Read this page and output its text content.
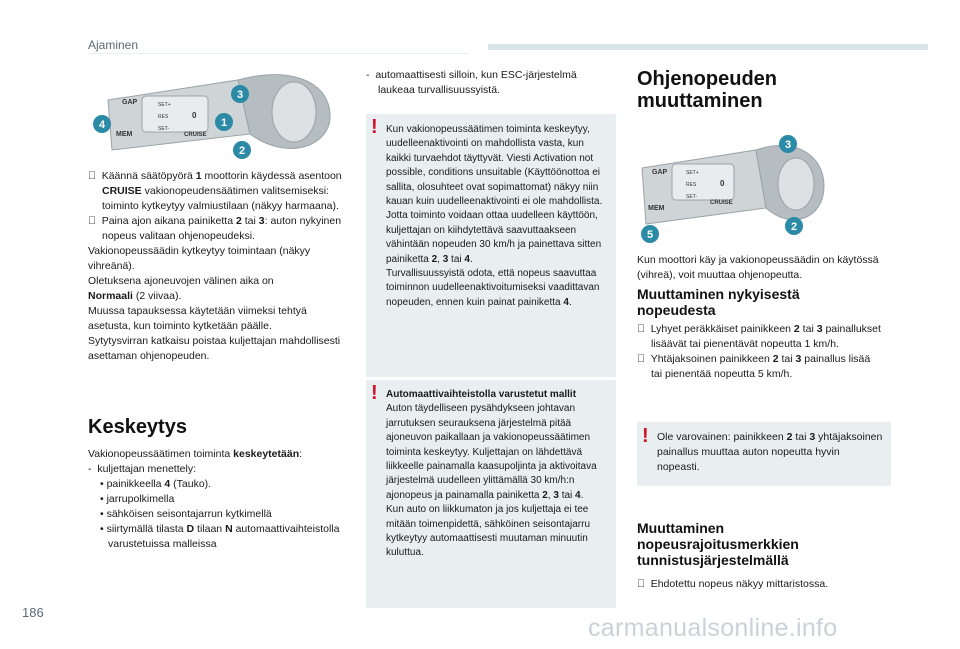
Ajaminen
GAP	SET+
RES
SET-
CRUISE
MEM
0
3
4	1
2

Käännä säätöpyörä 1 moottorin käydessä asentoon CRUISE vakionopeudensäätimen valitsemiseksi: toiminto kytkeytyy valmiustilaan (näkyy harmaana).

Paina ajon aikana painiketta 2 tai 3: auton nykyinen nopeus valitaan ohjenopeudeksi.

Vakionopeussäädin kytkeytyy toimintaan (näkyy vihreänä).

Oletuksena ajoneuvojen välinen aika on
Normaali (2 viivaa).

Muussa tapauksessa käytetään viimeksi tehtyä asetusta, kun toiminto kytketään päälle.

Sytytysvirran katkaisu poistaa kuljettajan mahdollisesti asettaman ohjenopeuden.

Keskeytys

Vakionopeussäätimen toiminta keskeytetään:

-  kuljettajan menettely:

• painikkeella 4 (Tauko).

• jarrupolkimella

• sähköisen seisontajarrun kytkimellä

• siirtymällä tilasta D tilaan N automaattivaihteistolla varustetuissa malleissa

-  automaattisesti silloin, kun ESC-järjestelmä laukeaa turvallisuussyistä.

! Kun vakionopeussäätimen toiminta keskeytyy, uudelleenaktivointi on mahdollista vasta, kun kaikki turvaehdot täyttyvät. Viesti Activation not possible, conditions unsuitable (Käyttöönottoa ei sallita, olosuhteet ovat sopimattomat) näkyy niin kauan kuin uudelleenaktivointi ei ole mahdollista.

Jotta toiminto voidaan ottaa uudelleen käyttöön, kuljettajan on kiihdytettävä saavuttaakseen vähintään nopeuden 30 km/h ja painettava sitten painiketta 2, 3 tai 4.

Turvallisuussyistä odota, että nopeus saavuttaa toiminnon uudelleenaktivoitumiseksi vaadittavan nopeuden, ennen kuin painat painiketta 4.

! Automaattivaihteistolla varustetut mallit

Auton täydelliseen pysähdykseen johtavan jarrutuksen seurauksena järjestelmä pitää ajoneuvon paikallaan ja vakionopeussäätimen toiminta keskeytyy. Kuljettajan on lähdettävä liikkeelle painamalla kaasupoljinta ja aktivoitava järjestelmä uudelleen ylittämällä 30 km/h:n ajonopeus ja painamalla painiketta 2, 3 tai 4.

Kun auto on liikkumaton ja jos kuljettaja ei tee mitään toimenpidettä, sähköinen seisontajarru kytkeytyy automaattisesti muutaman minuutin kuluttua.

Ohjenopeuden muuttaminen
GAP	SET+
RES
SET-
CRUISE
MEM
0
3
5
2

Kun moottori käy ja vakionopeussäädin on käytössä (vihreä), voit muuttaa ohjenopeutta.

Muuttaminen nykyisestä nopeudesta

Lyhyet peräkkäiset painikkeen 2 tai 3 painallukset lisäävät tai pienentävät nopeutta 1 km/h.

Yhtäjaksoinen painikkeen 2 tai 3 painallus lisää tai pienentää nopeutta 5 km/h.

! Ole varovainen: painikkeen 2 tai 3 yhtäjaksoinen painallus muuttaa auton nopeutta hyvin nopeasti.

Muuttaminen nopeusrajoitusmerkkien tunnistusjärjestelmällä

Ehdotettu nopeus näkyy mittaristossa.

186
carmanualsonline.info
